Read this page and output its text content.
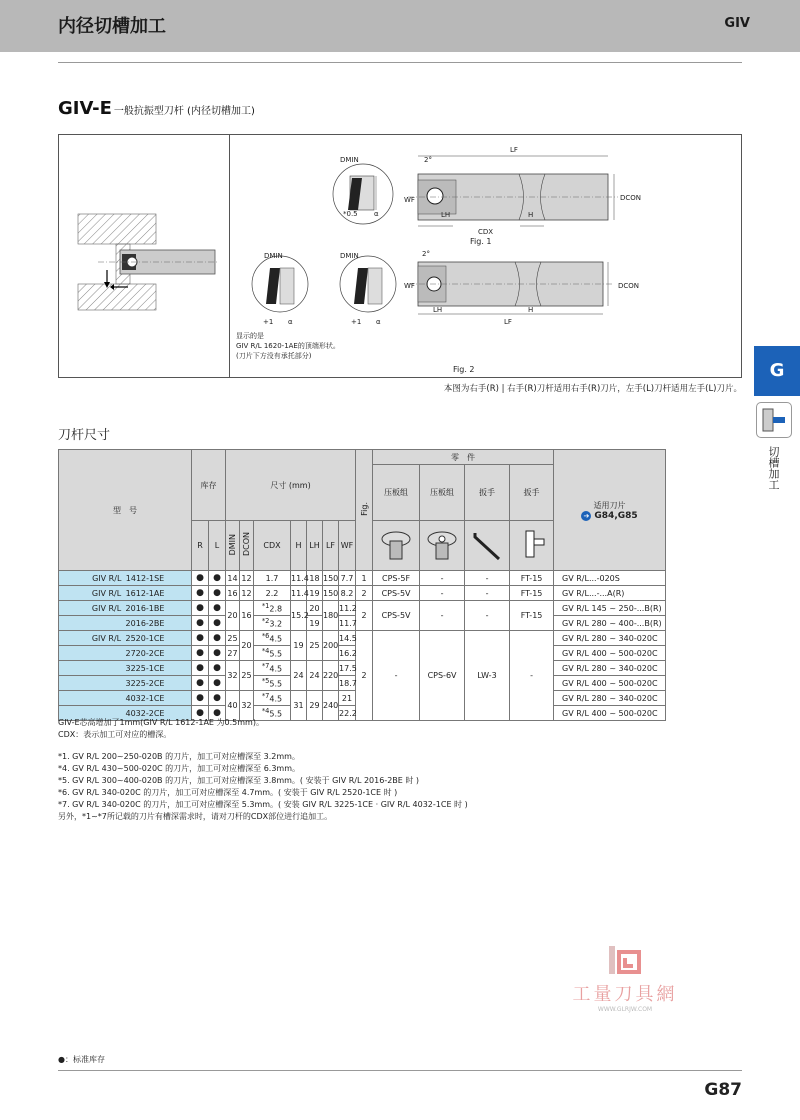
内径切槽加工	GIV
GIV-E 一般抗振型刀杆 (内径切槽加工)
DMIN
*0.5 α
2°
LF
WF
LH	H
CDX
DCON
Fig. 1
DMIN	DMIN
+1 α	+1 α
2°
WF
LH	H
LF
DCON
Fig. 2
显示的是
GIV R/L 1620-1AE的顶端形状。
(刀片下方没有承托部分)
本图为右手(R) | 右手(R)刀杆适用右手(R)刀片，左手(L)刀杆适用左手(L)刀片。
G
切槽加工
刀杆尺寸
型　号	库存		尺寸 (mm)							Fig.	零　件				适用刀片
➔ G84,G85

											压板组	压板组	扳手	扳手	
	R	L	DMIN	DCON	CDX	H	LH	LF	WF				
GIV R/L 1412-1SE	●	●	14	12	1.7	11.4	18	150	7.7	1	CPS-5F	-	-	FT-15	GV R/L...-020S
GIV R/L 1612-1AE	●	●	16	12	2.2	11.4	19	150	8.2	2	CPS-5V	-	-	FT-15	GV R/L...-...A(R)
GIV R/L 2016-1BE	●	●	20	16	$^{*1}$2.8	15.2	20	180	11.2	2	CPS-5V	-	-	FT-15	GV R/L 145 ~ 250-...B(R)
2016-2BE	●	●			$^{*2}$3.2		19		11.7						GV R/L 280 ~ 400-...B(R)
GIV R/L 2520-1CE	●	●	25	20	$^{*6}$4.5	19	25	200	14.5	2	-	CPS-6V	LW-3	-	GV R/L 280 ~ 340-020C
2720-2CE	●	●	27		$^{*4}$5.5				16.2						GV R/L 400 ~ 500-020C
3225-1CE	●	●	32	25	$^{*7}$4.5	24	24	220	17.5						GV R/L 280 ~ 340-020C
3225-2CE	●	●			$^{*5}$5.5				18.7						GV R/L 400 ~ 500-020C
4032-1CE	●	●	40	32	$^{*7}$4.5	31	29	240	21						GV R/L 280 ~ 340-020C
4032-2CE	●	●			$^{*4}$5.5				22.2						GV R/L 400 ~ 500-020C
GIV-E芯高增加了1mm(GIV R/L 1612-1AE 为0.5mm)。
CDX：表示加工可对应的槽深。
*1. GV R/L 200~250-020B 的刀片，加工可对应槽深至 3.2mm。
*4. GV R/L 430~500-020C 的刀片，加工可对应槽深至 6.3mm。
*5. GV R/L 300~400-020B 的刀片，加工可对应槽深至 3.8mm。( 安装于 GIV R/L 2016-2BE 时 )
*6. GV R/L 340-020C 的刀片，加工可对应槽深至 4.7mm。( 安装于 GIV R/L 2520-1CE 时 )
*7. GV R/L 340-020C 的刀片，加工可对应槽深至 5.3mm。( 安装 GIV R/L 3225-1CE · GIV R/L 4032-1CE 时 )
另外，*1~*7所记载的刀片有槽深需求时，请对刀杆的CDX部位进行追加工。
工量刀具網
WWW.GLRJW.COM
●：标准库存
G87
